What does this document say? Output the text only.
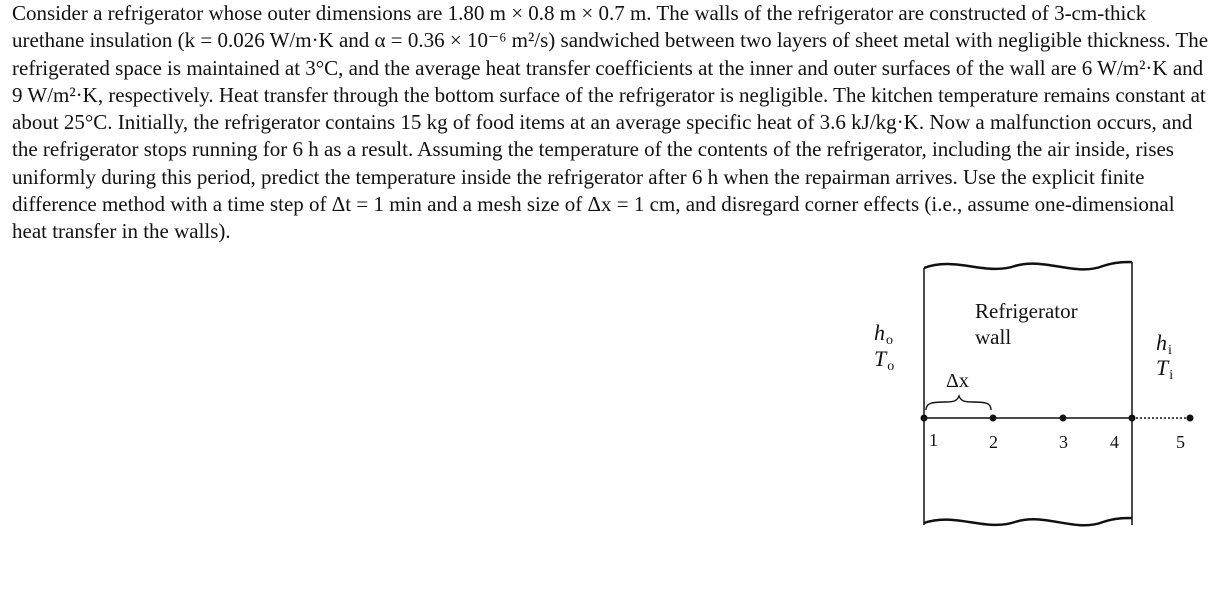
Consider a refrigerator whose outer dimensions are 1.80 m × 0.8 m × 0.7 m. The walls of the refrigerator are constructed of 3-cm-thick urethane insulation (k = 0.026 W/m·K and α = 0.36 × 10⁻⁶ m²/s) sandwiched between two layers of sheet metal with negligible thickness. The refrigerated space is maintained at 3°C, and the average heat transfer coefficients at the inner and outer surfaces of the wall are 6 W/m²·K and 9 W/m²·K, respectively. Heat transfer through the bottom surface of the refrigerator is negligible. The kitchen temperature remains constant at about 25°C. Initially, the refrigerator contains 15 kg of food items at an average specific heat of 3.6 kJ/kg·K. Now a malfunction occurs, and the refrigerator stops running for 6 h as a result. Assuming the temperature of the contents of the refrigerator, including the air inside, rises uniformly during this period, predict the temperature inside the refrigerator after 6 h when the repairman arrives. Use the explicit finite difference method with a time step of Δt = 1 min and a mesh size of Δx = 1 cm, and disregard corner effects (i.e., assume one-dimensional heat transfer in the walls).

Refrigerator
wall
ho
To
hi
Ti
Δx
1	2	3 4	5
